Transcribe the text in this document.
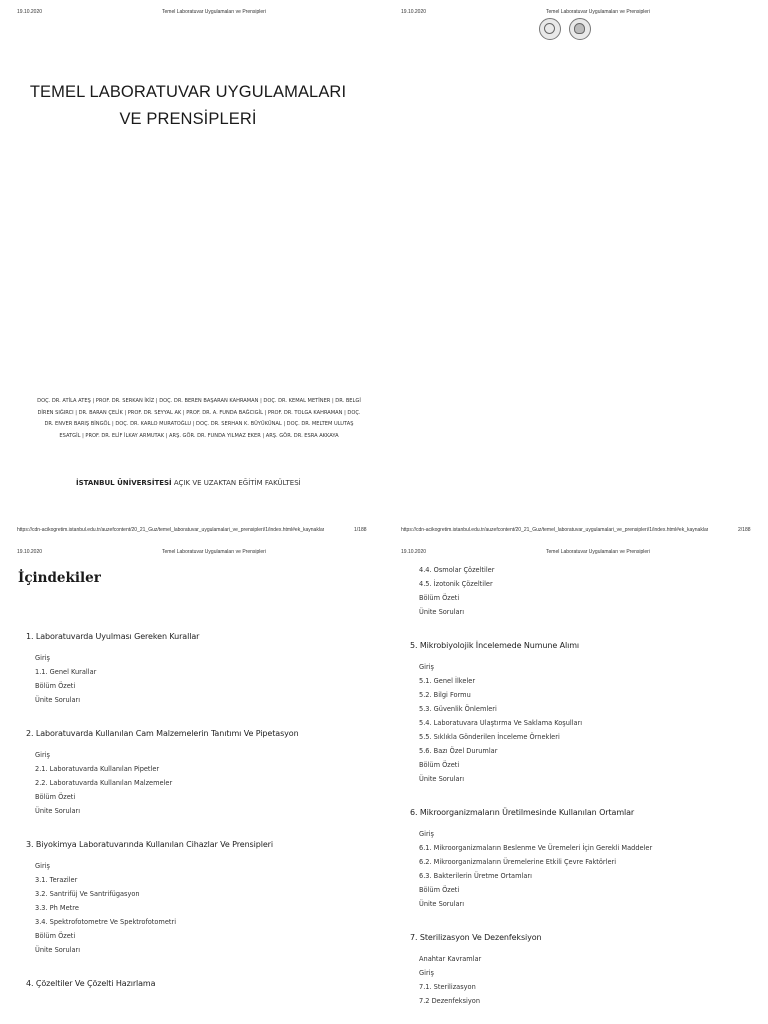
19.10.2020	Temel Laboratuvar Uygulamaları ve Prensipleri
TEMEL LABORATUVAR UYGULAMALARI
VE PRENSİPLERİ
DOÇ. DR. ATİLA ATEŞ | PROF. DR. SERKAN İKİZ | DOÇ. DR. BEREN BAŞARAN KAHRAMAN | DOÇ. DR. KEMAL METİNER | DR. BELGİ DİREN SIĞIRCI | DR. BARAN ÇELİK | PROF. DR. SEYYAL AK | PROF. DR. A. FUNDA BAĞCIGİL | PROF. DR. TOLGA KAHRAMAN | DOÇ. DR. ENVER BARIŞ BİNGÖL | DOÇ. DR. KARLO MURATOĞLU | DOÇ. DR. SERHAN K. BÜYÜKÜNAL | DOÇ. DR. MELTEM ULUTAŞ ESATGİL | PROF. DR. ELİF İLKAY ARMUTAK | ARŞ. GÖR. DR. FUNDA YILMAZ EKER | ARŞ. GÖR. DR. ESRA AKKAYA
İSTANBUL ÜNİVERSİTESİ AÇIK VE UZAKTAN EĞİTİM FAKÜLTESİ
https://cdn-acikogretim.istanbul.edu.tr/auzefcontent/20_21_Guz/temel_laboratuvar_uygulamalari_ve_prensipleri/1/index.html#ek_kaynaklar	1/188
19.10.2020	Temel Laboratuvar Uygulamaları ve Prensipleri
https://cdn-acikogretim.istanbul.edu.tr/auzefcontent/20_21_Guz/temel_laboratuvar_uygulamalari_ve_prensipleri/1/index.html#ek_kaynaklar	2/188
19.10.2020	Temel Laboratuvar Uygulamaları ve Prensipleri
İçindekiler
1. Laboratuvarda Uyulması Gereken Kurallar
Giriş
1.1. Genel Kurallar
Bölüm Özeti
Ünite Soruları
2. Laboratuvarda Kullanılan Cam Malzemelerin Tanıtımı Ve Pipetasyon
Giriş
2.1. Laboratuvarda Kullanılan Pipetler
2.2. Laboratuvarda Kullanılan Malzemeler
Bölüm Özeti
Ünite Soruları
3. Biyokimya Laboratuvarında Kullanılan Cihazlar Ve Prensipleri
Giriş
3.1. Teraziler
3.2. Santrifüj Ve Santrifügasyon
3.3. Ph Metre
3.4. Spektrofotometre Ve Spektrofotometri
Bölüm Özeti
Ünite Soruları
4. Çözeltiler Ve Çözelti Hazırlama
19.10.2020	Temel Laboratuvar Uygulamaları ve Prensipleri
4.4. Osmolar Çözeltiler
4.5. İzotonik Çözeltiler
Bölüm Özeti
Ünite Soruları
5. Mikrobiyolojik İncelemede Numune Alımı
Giriş
5.1. Genel İlkeler
5.2. Bilgi Formu
5.3. Güvenlik Önlemleri
5.4. Laboratuvara Ulaştırma Ve Saklama Koşulları
5.5. Sıklıkla Gönderilen İnceleme Örnekleri
5.6. Bazı Özel Durumlar
Bölüm Özeti
Ünite Soruları
6. Mikroorganizmaların Üretilmesinde Kullanılan Ortamlar
Giriş
6.1. Mikroorganizmaların Beslenme Ve Üremeleri İçin Gerekli Maddeler
6.2. Mikroorganizmaların Üremelerine Etkili Çevre Faktörleri
6.3. Bakterilerin Üretme Ortamları
Bölüm Özeti
Ünite Soruları
7. Sterilizasyon Ve Dezenfeksiyon
Anahtar Kavramlar
Giriş
7.1. Sterilizasyon
7.2 Dezenfeksiyon
